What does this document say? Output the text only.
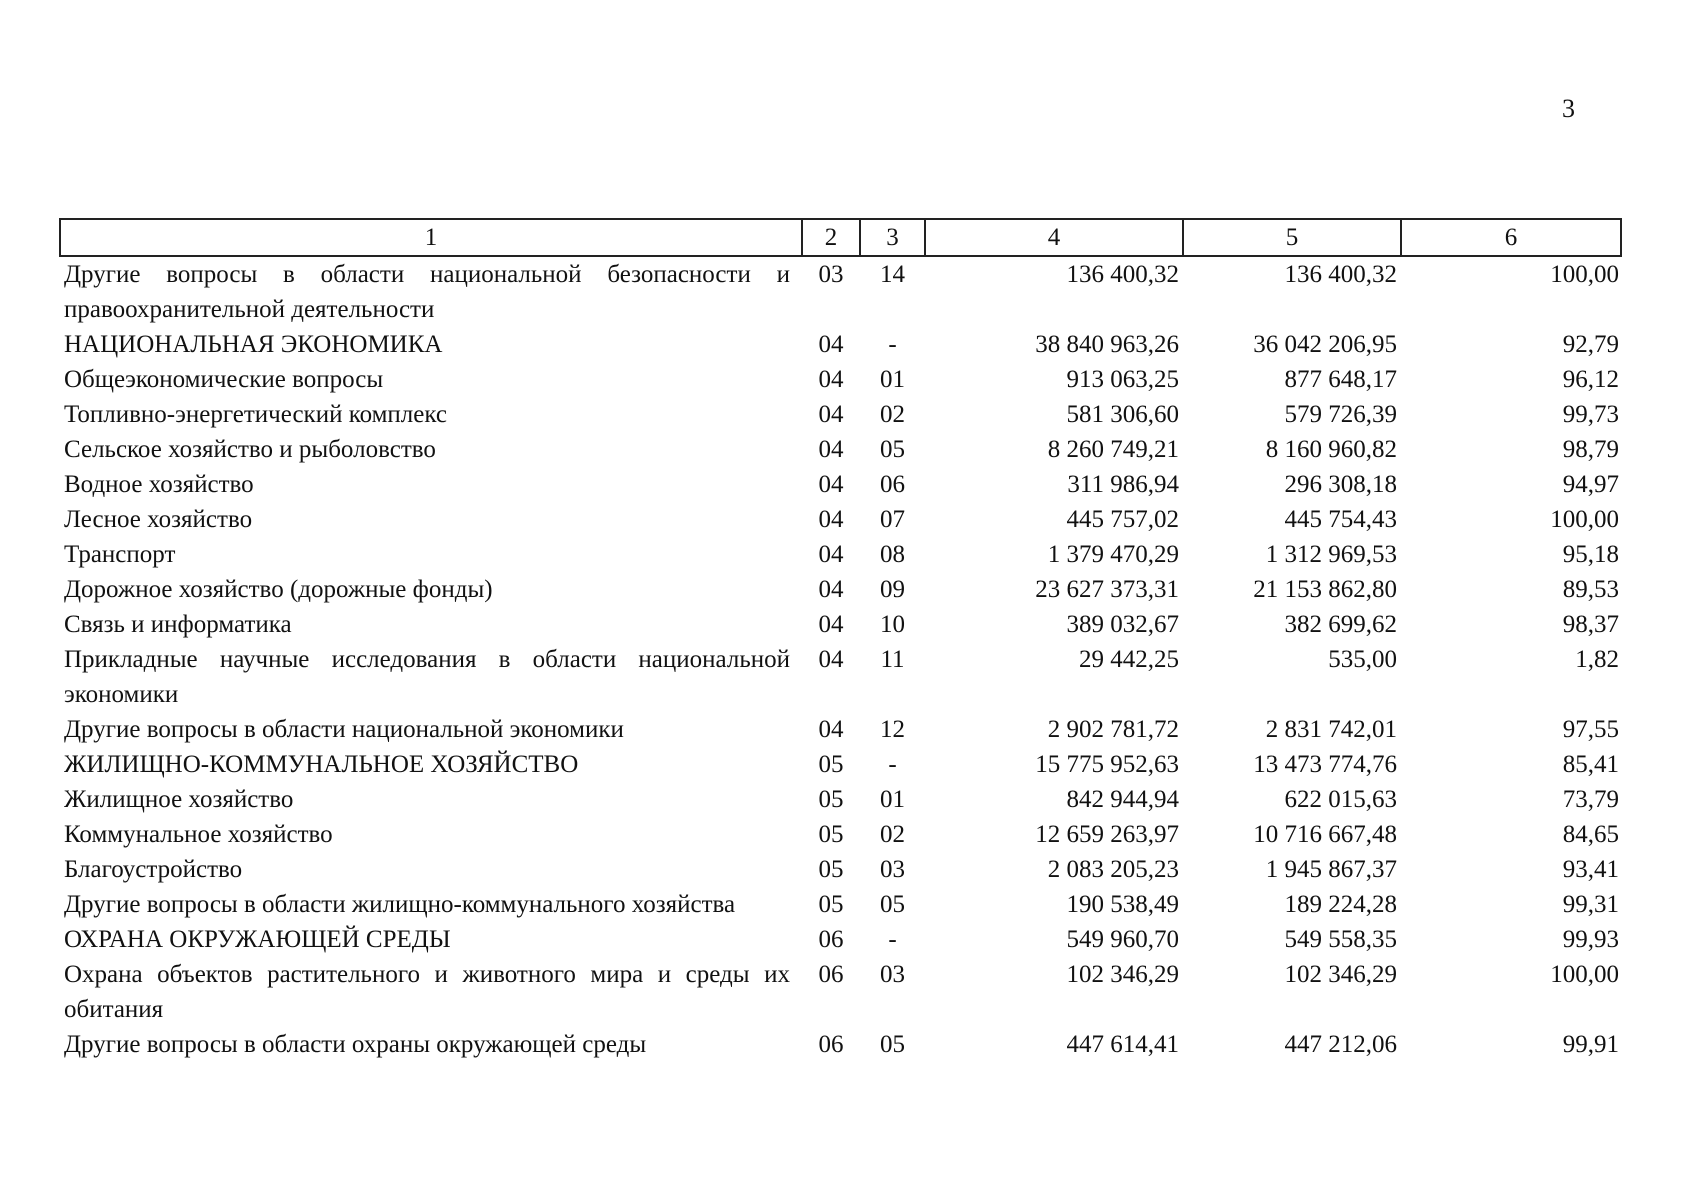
3
1	2	3	4	5	6
Другие вопросы в области национальной безопасности и правоохранительной деятельности	03	14	136 400,32	136 400,32	100,00
НАЦИОНАЛЬНАЯ ЭКОНОМИКА	04	-	38 840 963,26	36 042 206,95	92,79
Общеэкономические вопросы	04	01	913 063,25	877 648,17	96,12
Топливно-энергетический комплекс	04	02	581 306,60	579 726,39	99,73
Сельское хозяйство и рыболовство	04	05	8 260 749,21	8 160 960,82	98,79
Водное хозяйство	04	06	311 986,94	296 308,18	94,97
Лесное хозяйство	04	07	445 757,02	445 754,43	100,00
Транспорт	04	08	1 379 470,29	1 312 969,53	95,18
Дорожное хозяйство (дорожные фонды)	04	09	23 627 373,31	21 153 862,80	89,53
Связь и информатика	04	10	389 032,67	382 699,62	98,37
Прикладные научные исследования в области национальной экономики	04	11	29 442,25	535,00	1,82
Другие вопросы в области национальной экономики	04	12	2 902 781,72	2 831 742,01	97,55
ЖИЛИЩНО-КОММУНАЛЬНОЕ ХОЗЯЙСТВО	05	-	15 775 952,63	13 473 774,76	85,41
Жилищное хозяйство	05	01	842 944,94	622 015,63	73,79
Коммунальное хозяйство	05	02	12 659 263,97	10 716 667,48	84,65
Благоустройство	05	03	2 083 205,23	1 945 867,37	93,41
Другие вопросы в области жилищно-коммунального хозяйства	05	05	190 538,49	189 224,28	99,31
ОХРАНА ОКРУЖАЮЩЕЙ СРЕДЫ	06	-	549 960,70	549 558,35	99,93
Охрана объектов растительного и животного мира и среды их обитания	06	03	102 346,29	102 346,29	100,00
Другие вопросы в области охраны окружающей среды	06	05	447 614,41	447 212,06	99,91
